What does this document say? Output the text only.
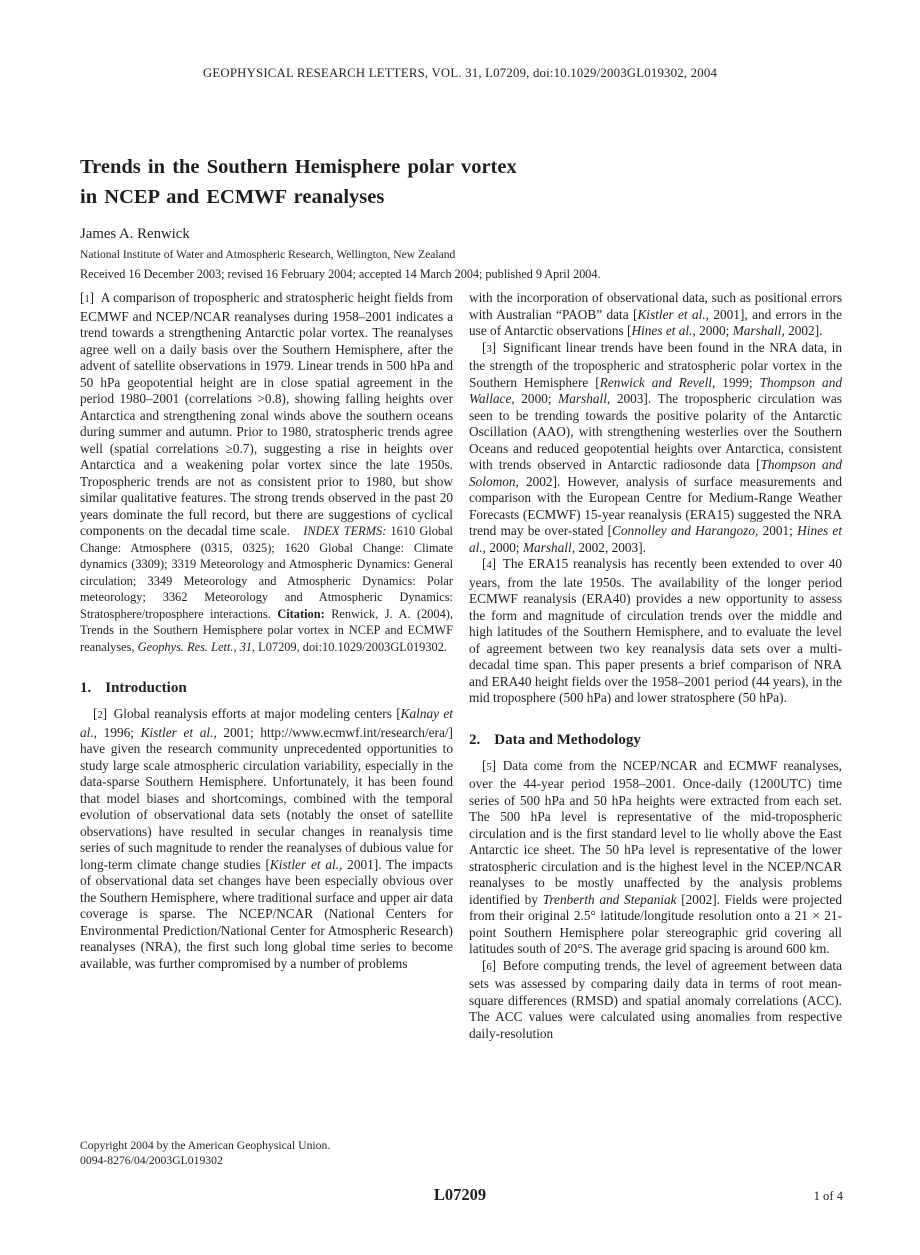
GEOPHYSICAL RESEARCH LETTERS, VOL. 31, L07209, doi:10.1029/2003GL019302, 2004
Trends in the Southern Hemisphere polar vortex
in NCEP and ECMWF reanalyses
James A. Renwick
National Institute of Water and Atmospheric Research, Wellington, New Zealand
Received 16 December 2003; revised 16 February 2004; accepted 14 March 2004; published 9 April 2004.

[1] A comparison of tropospheric and stratospheric height fields from ECMWF and NCEP/NCAR reanalyses during 1958–2001 indicates a trend towards a strengthening Antarctic polar vortex. The reanalyses agree well on a daily basis over the Southern Hemisphere, after the advent of satellite observations in 1979. Linear trends in 500 hPa and 50 hPa geopotential height are in close spatial agreement in the period 1980–2001 (correlations >0.8), showing falling heights over Antarctica and strengthening zonal winds above the southern oceans during summer and autumn. Prior to 1980, stratospheric trends agree well (spatial correlations ≥0.7), suggesting a rise in heights over Antarctica and a weakening polar vortex since the late 1950s. Tropospheric trends are not as consistent prior to 1980, but show similar qualitative features. The strong trends observed in the past 20 years dominate the full record, but there are suggestions of cyclical components on the decadal time scale. INDEX TERMS: 1610 Global Change: Atmosphere (0315, 0325); 1620 Global Change: Climate dynamics (3309); 3319 Meteorology and Atmospheric Dynamics: General circulation; 3349 Meteorology and Atmospheric Dynamics: Polar meteorology; 3362 Meteorology and Atmospheric Dynamics: Stratosphere/troposphere interactions. Citation: Renwick, J. A. (2004), Trends in the Southern Hemisphere polar vortex in NCEP and ECMWF reanalyses, Geophys. Res. Lett., 31, L07209, doi:10.1029/2003GL019302.

1. Introduction

[2] Global reanalysis efforts at major modeling centers [Kalnay et al., 1996; Kistler et al., 2001; http://www.ecmwf.int/research/era/] have given the research community unprecedented opportunities to study large scale atmospheric circulation variability, especially in the data-sparse Southern Hemisphere. Unfortunately, it has been found that model biases and shortcomings, combined with the temporal evolution of observational data sets (notably the onset of satellite observations) have resulted in secular changes in reanalysis time series of such magnitude to render the reanalyses of dubious value for long-term climate change studies [Kistler et al., 2001]. The impacts of observational data set changes have been especially obvious over the Southern Hemisphere, where traditional surface and upper air data coverage is sparse. The NCEP/NCAR (National Centers for Environmental Prediction/National Center for Atmospheric Research) reanalyses (NRA), the first such long global time series to become available, was further compromised by a number of problems

with the incorporation of observational data, such as positional errors with Australian “PAOB” data [Kistler et al., 2001], and errors in the use of Antarctic observations [Hines et al., 2000; Marshall, 2002].

[3] Significant linear trends have been found in the NRA data, in the strength of the tropospheric and stratospheric polar vortex in the Southern Hemisphere [Renwick and Revell, 1999; Thompson and Wallace, 2000; Marshall, 2003]. The tropospheric circulation was seen to be trending towards the positive polarity of the Antarctic Oscillation (AAO), with strengthening westerlies over the Southern Oceans and reduced geopotential heights over Antarctica, consistent with trends observed in Antarctic radiosonde data [Thompson and Solomon, 2002]. However, analysis of surface measurements and comparison with the European Centre for Medium-Range Weather Forecasts (ECMWF) 15-year reanalysis (ERA15) suggested the NRA trend may be over-stated [Connolley and Harangozo, 2001; Hines et al., 2000; Marshall, 2002, 2003].

[4] The ERA15 reanalysis has recently been extended to over 40 years, from the late 1950s. The availability of the longer period ECMWF reanalysis (ERA40) provides a new opportunity to assess the form and magnitude of circulation trends over the middle and high latitudes of the Southern Hemisphere, and to evaluate the level of agreement between two key reanalysis data sets over a multi-decadal time span. This paper presents a brief comparison of NRA and ERA40 height fields over the 1958–2001 period (44 years), in the mid troposphere (500 hPa) and lower stratosphere (50 hPa).

2. Data and Methodology

[5] Data come from the NCEP/NCAR and ECMWF reanalyses, over the 44-year period 1958–2001. Once-daily (1200UTC) time series of 500 hPa and 50 hPa heights were extracted from each set. The 500 hPa level is representative of the mid-tropospheric circulation and is the first standard level to lie wholly above the East Antarctic ice sheet. The 50 hPa level is representative of the lower stratospheric circulation and is the highest level in the NCEP/NCAR reanalyses to be mostly unaffected by the analysis problems identified by Trenberth and Stepaniak [2002]. Fields were projected from their original 2.5° latitude/longitude resolution onto a 21 × 21-point Southern Hemisphere polar stereographic grid covering all latitudes south of 20°S. The average grid spacing is around 600 km.

[6] Before computing trends, the level of agreement between data sets was assessed by comparing daily data in terms of root mean-square differences (RMSD) and spatial anomaly correlations (ACC). The ACC values were calculated using anomalies from respective daily-resolution

Copyright 2004 by the American Geophysical Union.
0094-8276/04/2003GL019302
L07209	1 of 4
